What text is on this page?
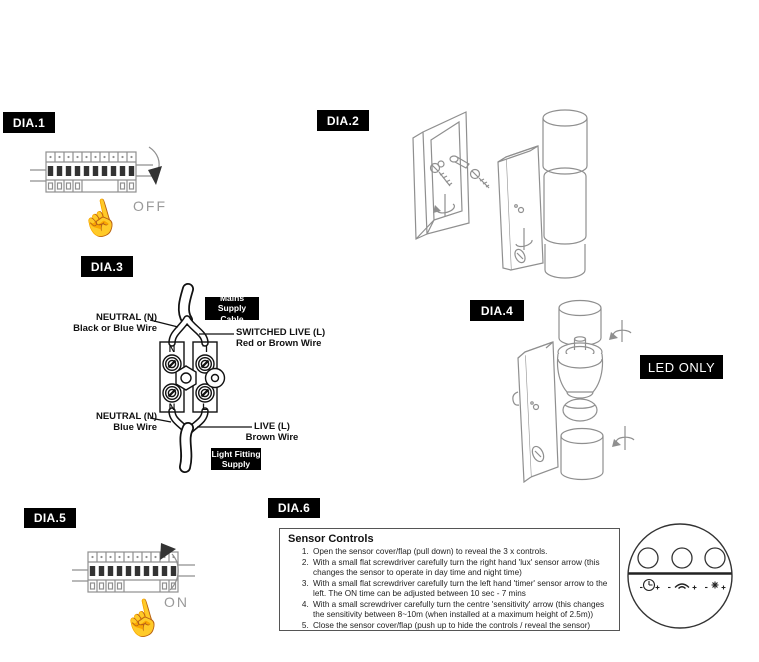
☝
DIA.1
OFF
DIA.2
DIA.3
N	L
N	L
Mains Supply
Cable
NEUTRAL (N)
Black or Blue Wire	SWITCHED LIVE (L)
Red or Brown Wire
NEUTRAL (N)
Blue Wire	LIVE (L)
Brown Wire
Light Fitting
Supply
DIA.4
LED ONLY
DIA.5
ON
DIA.6
Sensor Controls
1. Open the sensor cover/flap (pull down) to reveal the 3 x controls.
2. With a small flat screwdriver carefully turn the right hand 'lux' sensor arrow (this changes the sensor to operate in day time and night time)
3. With a small flat screwdriver carefully turn the left hand 'timer' sensor arrow to the left. The ON time can be adjusted between 10 sec - 7 mins
4. With a small screwdriver carefully turn the centre 'sensitivity' arrow (this changes the sensitivity between 8~10m (when installed at a maximum height of 2.5m))
5. Close the sensor cover/flap (push up to hide the controls / reveal the sensor)
